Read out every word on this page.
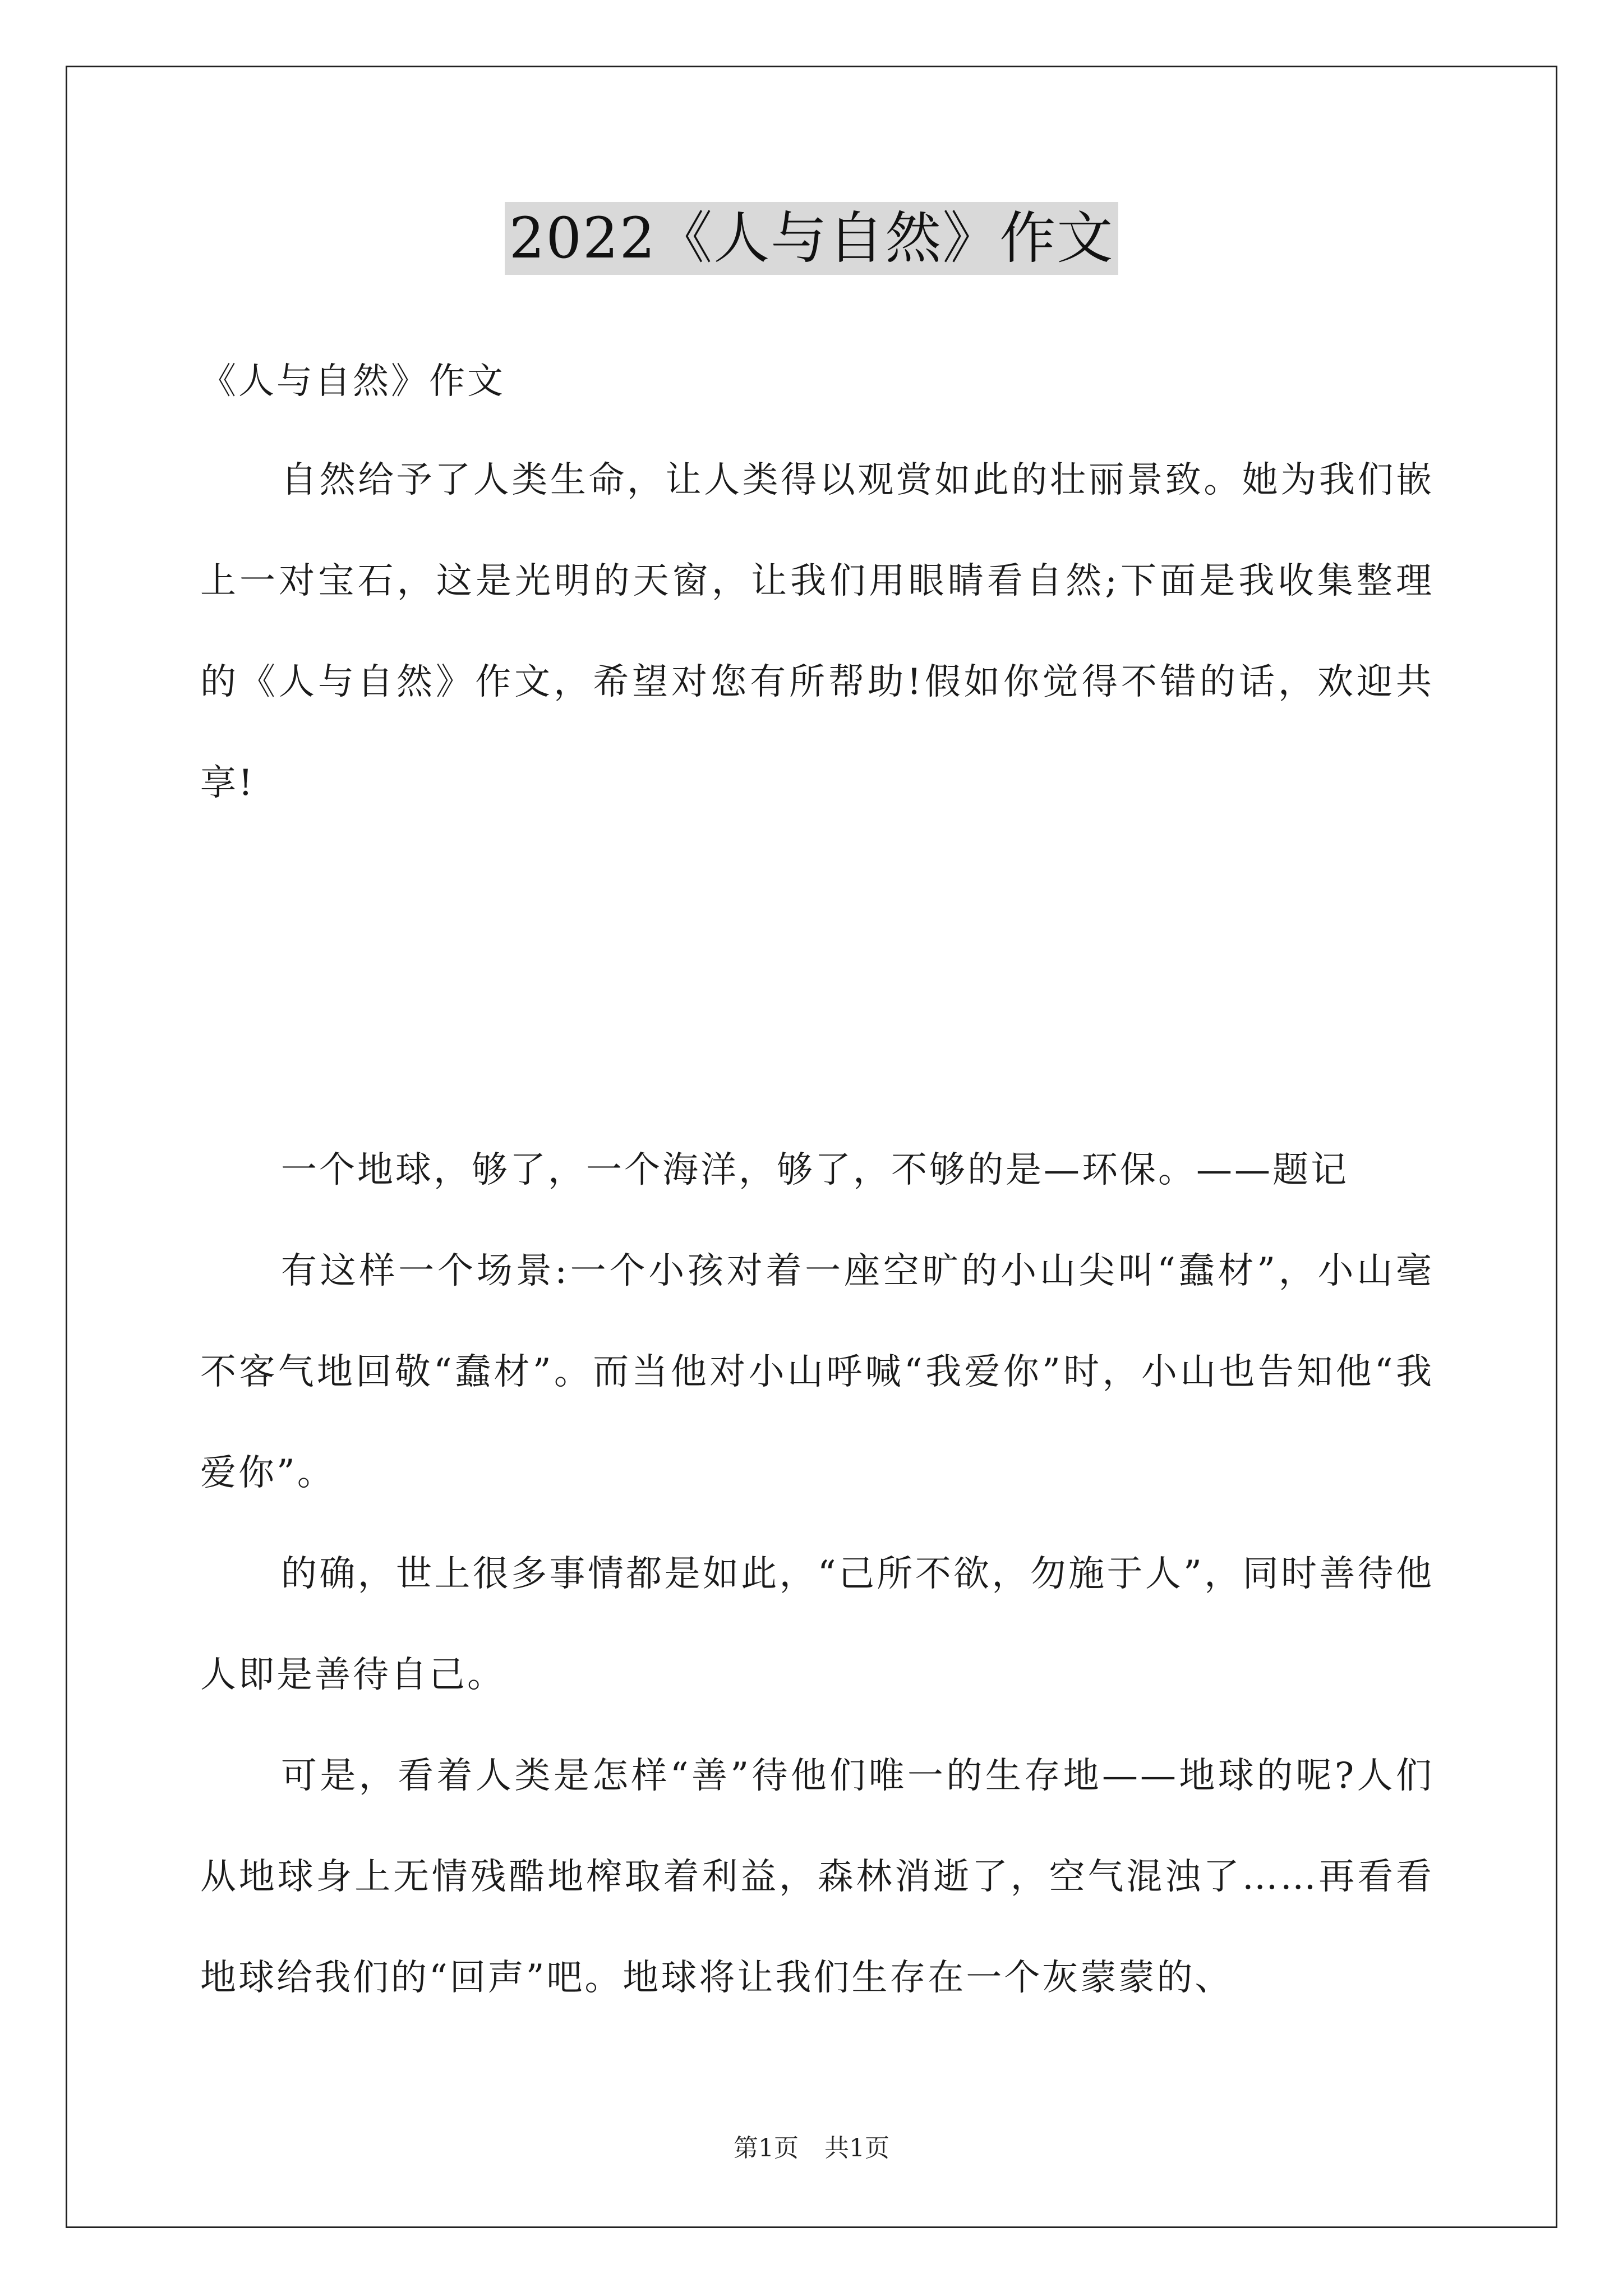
2022《人与自然》作文
《人与自然》作文

自然给予了人类生命，让人类得以观赏如此的壮丽景致。她为我们嵌上一对宝石，这是光明的天窗，让我们用眼睛看自然;下面是我收集整理的《人与自然》作文，希望对您有所帮助!假如你觉得不错的话，欢迎共享!

一个地球，够了，一个海洋，够了，不够的是—环保。——题记

有这样一个场景:一个小孩对着一座空旷的小山尖叫“蠢材”，小山毫不客气地回敬“蠢材”。而当他对小山呼喊“我爱你”时，小山也告知他“我爱你”。

的确，世上很多事情都是如此，“己所不欲，勿施于人”，同时善待他人即是善待自己。

可是，看着人类是怎样“善”待他们唯一的生存地——地球的呢?人们从地球身上无情残酷地榨取着利益，森林消逝了，空气混浊了……再看看地球给我们的“回声”吧。地球将让我们生存在一个灰蒙蒙的、

第1页 共1页
